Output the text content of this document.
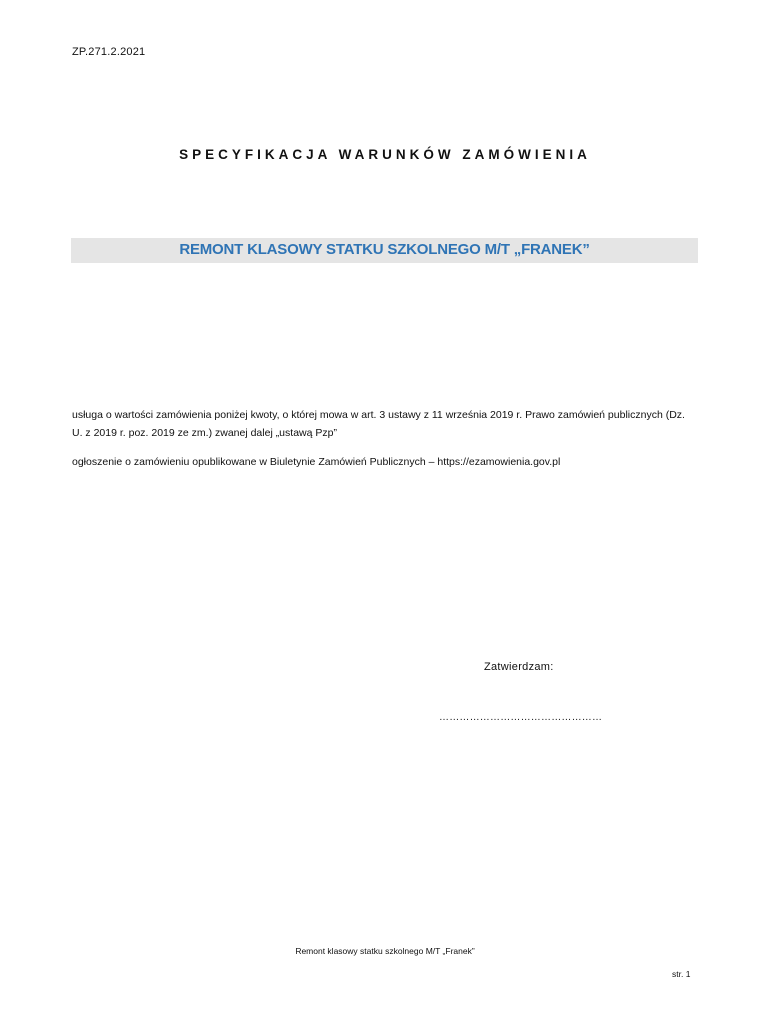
ZP.271.2.2021
SPECYFIKACJA WARUNKÓW ZAMÓWIENIA
REMONT KLASOWY STATKU SZKOLNEGO M/T „FRANEK”
usługa o wartości zamówienia poniżej kwoty, o której mowa w art. 3 ustawy z 11 września 2019 r. Prawo zamówień publicznych (Dz. U. z 2019 r. poz. 2019 ze zm.) zwanej dalej „ustawą Pzp”
ogłoszenie o zamówieniu opublikowane w Biuletynie Zamówień Publicznych – https://ezamowienia.gov.pl
Zatwierdzam:
…………………………………………
Remont klasowy statku szkolnego M/T „Franek”
str. 1
